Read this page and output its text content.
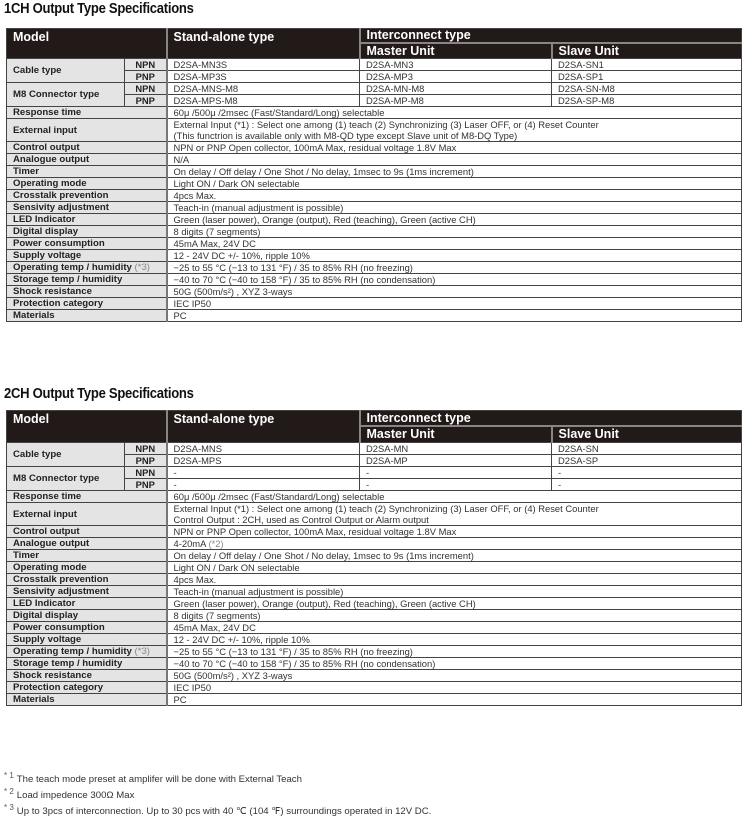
1CH Output Type Specifications
Model		Stand-alone type	Interconnect type	
			Master Unit	Slave Unit
Cable type	NPN	D2SA-MN3S	D2SA-MN3	D2SA-SN1
	PNP	D2SA-MP3S	D2SA-MP3	D2SA-SP1
M8 Connector type	NPN	D2SA-MNS-M8	D2SA-MN-M8	D2SA-SN-M8
	PNP	D2SA-MPS-M8	D2SA-MP-M8	D2SA-SP-M8
Response time		60μ /500μ /2msec (Fast/Standard/Long) selectable		
External input		External Input (*1) : Select one among (1) teach (2) Synchronizing (3) Laser OFF, or (4) Reset Counter
(This functrion is available only with M8-QD type except Slave unit of M8-DQ Type)		

Control output		NPN or PNP Open collector, 100mA Max, residual voltage 1.8V Max		
Analogue output		N/A		
Timer		On delay / Off delay / One Shot / No delay, 1msec to 9s (1ms increment)		
Operating mode		Light ON / Dark ON selectable		
Crosstalk prevention		4pcs Max.		
Sensivity adjustment		Teach-in (manual adjustment is possible)		
LED Indicator		Green (laser power), Orange (output), Red (teaching), Green (active CH)		
Digital display		8 digits (7 segments)		
Power consumption		45mA Max, 24V DC		
Supply voltage		12 - 24V DC +/- 10%, ripple 10%		
Operating temp / humidity (*3)		−25 to 55 °C (−13 to 131 °F) / 35 to 85% RH (no freezing)		
Storage temp / humidity		−40 to 70 °C (−40 to 158 °F) / 35 to 85% RH (no condensation)		
Shock resistance		50G (500m/s²) , XYZ 3-ways		
Protection category		IEC IP50		
Materials		PC		
2CH Output Type Specifications
Model		Stand-alone type	Interconnect type	
			Master Unit	Slave Unit
Cable type	NPN	D2SA-MNS	D2SA-MN	D2SA-SN
	PNP	D2SA-MPS	D2SA-MP	D2SA-SP
M8 Connector type	NPN	-	-	-
	PNP	-	-	-
Response time		60μ /500μ /2msec (Fast/Standard/Long) selectable		
External input		External Input (*1) : Select one among (1) teach (2) Synchronizing (3) Laser OFF, or (4) Reset Counter
Control Output : 2CH, used as Control Output or Alarm output		

Control output		NPN or PNP Open collector, 100mA Max, residual voltage 1.8V Max		
Analogue output		4-20mA (*2)		
Timer		On delay / Off delay / One Shot / No delay, 1msec to 9s (1ms increment)		
Operating mode		Light ON / Dark ON selectable		
Crosstalk prevention		4pcs Max.		
Sensivity adjustment		Teach-in (manual adjustment is possible)		
LED Indicator		Green (laser power), Orange (output), Red (teaching), Green (active CH)		
Digital display		8 digits (7 segments)		
Power consumption		45mA Max, 24V DC		
Supply voltage		12 - 24V DC +/- 10%, ripple 10%		
Operating temp / humidity (*3)		−25 to 55 °C (−13 to 131 °F) / 35 to 85% RH (no freezing)		
Storage temp / humidity		−40 to 70 °C (−40 to 158 °F) / 35 to 85% RH (no condensation)		
Shock resistance		50G (500m/s²) , XYZ 3-ways		
Protection category		IEC IP50		
Materials		PC		
$^{* 1}$ The teach mode preset at amplifer will be done with External Teach
$^{* 2}$ Load impedence 300Ω Max
$^{* 3}$ Up to 3pcs of interconnection. Up to 30 pcs with 40 ℃ (104 ℉) surroundings operated in 12V DC.
